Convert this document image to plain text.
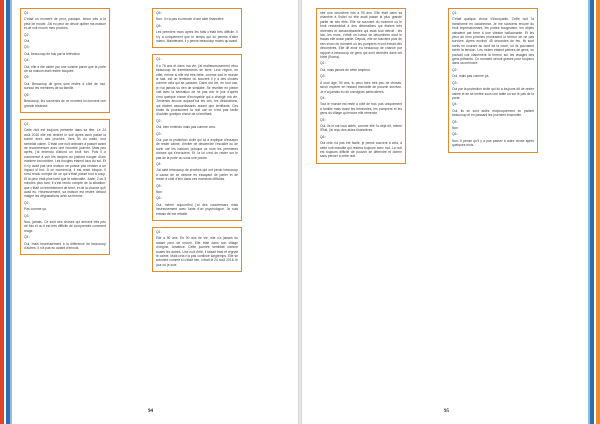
Q1 :

C'était un moment de peur, panique, tenue très à la peur de mourir. J'ai eu peur de devoir quitter ma maison et de voir mourir mes proches.

Q2 :

Oui.

Q3 :

Oui, beaucoup de fois par la télévision

Q4 :

Oui, elle a été aidée par une voisine parce que la porte de sa maison était restée bloquée.

Q5 :

Oui. Beaucoup de gens sont restés à côté de moi, surtout les membres de sa famille.

Q6 :

Beaucoup, les souvenirs de ce moment lui donnent une grande tristesse.

Q1 :

Cette nuit est toujours présente dans sa tête. Le 24 août 2016 elle est rentrée le soir après avoir passé la soirée avec des proches. Vers 3h du matin, tout semblait calme. C'était une nuit ordinaire à passer avant de recommencer avec une nouvelle journée. Mais peu après, j'ai entendu d'abord un bruit fort. Puis il a commencé à voir les lampes au plafond bouger d'une manière incontrôlée. Les bougies étaient tous au sol. Et il n'y avait pas une maison ne puisse pas résister à un impact si fort. À ce moment-là, il est resté bloqué. Il s'est rendu compte de ce qui s'était passé tout à coup. Et la peur était plus forte que la rationalité. Juste, 2 ou 3 minutes plus tard, il s'est rendu compte de la situation, que c'était un tremblement de terre, et de la chance qu'il avait eu. Heureusement, sa maison est restée debout malgré les dégradations avec sa femme.

Q2 :

Pas comme ça.

Q3 :

Non, jamais. Ce sont des choses qui arrivent très peu de fois et où il est très difficile de comprendre comment réagir.

Q4 :

Oui, mais heureusement à la différence de beaucoup d'autres. Il n'a pas eu autant d'ennuis.

Q5 :

Non. Il n'a pas eu besoin d'une aide financière.

Q6 :

Les premiers mois après les faits c'était très difficile. Il n'y a uniquement que le temps qui lui permis d'aller mieux. Maintenant, il y pense beaucoup moins qu'avant.

Q1 :

Il a 76 ans et dans ma vie, j'ai malheureusement vécu beaucoup de tremblements de terre. Leur région, en effet, même si elle est très belle, comme tout le monde le sait, est un territoire où souvent il y a des choses comme cela qui se passent. Dans ma vie, en tout cas, je n'ai jamais vu rien de similaire. Se réveiller en pleine nuit avec la sensation de ne pas voir le jour d'après c'est quelque chose d'incroyable qui a changé ma vie. J'entends encore aujourd'hui les cris, les détonations, qui étaient assourdissants autant que terrifiants. Ces bruits ils poursuivent la nuit car ce n'est pas facile d'oublier quelque chose de si terrifiant.

Q2 :

Oui, bien entendu mais pas comme cela.

Q3 :

Oui, par la protection civile qui lui a expliqué d'essayer de rester calme, d'éviter de descendre l'escalier ou de sortir car les balcons puisque ce sont les premières choses qui s'écroulent. Et, la loi c'est de rester sur le pas de la porte ou sous une poutre.

Q4 :

J'ai aidé beaucoup de proches qui ont perdu beaucoup à cause de ce séisme en essayant de parler et de rester à côté d'eux dans ces moments difficiles.

Q5 :

Non

Q6 :

Oui, même aujourd'hui j'ai des cauchemars mais heureusement avec l'aide d'un psychologue. Je suis entrain de me rétablir.

Q1 :

Elle a 90 ans. En 90 ans de vie, elle n'a jamais eu autant peur de mourir. Elle était dans son village d'origine, Amatrice. Cette journée semblait comme toutes les autres. Une nuit d'été, il faisait frais et régnait le calme. Mais cela n'a pas continué longtemps. Elle se souvient comme si c'était hier, c'était le 24 août 2016, le jour où je suis

94

née une deuxième fois à 90 ans. Elle était dans sa chambre à l'hôtel où elle avait passé la plus grande partie de ses étés. Elle se souvient du moment où le bruit ressemblait à des détonations qui étaient très violentes et assourdissantes qui avait tout détruit : les lois, les murs, c'était un cumul de décombres dont le fracas elle aussi partie. Depuis, elle se souvient plus de rien sinon du moment où les pompiers m'ont extrait des décombres. Elle dit avoir eu beaucoup de chance par rapport à beaucoup de gens qui sont décédés dans cet hôtel (Roma).

Q2 :

Oui, mais jamais de cette ampleur.

Q3 :

À mon âge, 90 ans, tu peux faire très peu de choses, sinon espérer en restant immobile de pouvoir survivre. Je n'ai jamais eu de consignes particulières.

Q4 :

Tout le monde est resté à côté de moi, pas uniquement à famille mais aussi les bénévoles, les pompiers et les gens du village qu'encore elle remercie.

Q5 :

Oui. Ils m'ont tous aidés, comme elle l'a déjà dit, même l'État, j'ai reçu des aides financières.

Q6 :

Oui cela n'a pas été facile, je pense souvent à cela, à cette nuit maudite qui restera toujours avec moi. La nuit est toujours difficile de pouvoir se détendre et dormir sans penser à cette nuit.

Q1 :

C'était quelque chose d'incroyable. Cette nuit l'a transformé en cauchemar. Je me souviens encore du bruit impressionnant, les portes bougeaient, les objets valsaient par terre à une vitesse hallucinante. Et les yeux de mes proches montraient la terreur de ne pas survivre. Après environ 45 secondes de feu, ils sont sortis en courant au bord de la route, où ils pouvaient sentir la tension. Les routes étaient pleines de gens, on pouvait voir clairement la terreur sur les visages des gens présents. Ce moment seront gravés pour toujours dans sa mémoire.

Q2 :

Oui, mais pas comme ça.

Q3 :

Oui par la protection civile qui lui a toujours dit de rester calme et de se mettre sous une table ou sur le pas de la porte.

Q4 :

Oui, ils se sont aidés réciproquement en parlant beaucoup et en passant les journées ensemble.

Q5 :

Non

Q6 :

Non. Il pense qu'il y a pas passer à autre chose après quelques mois.

95
